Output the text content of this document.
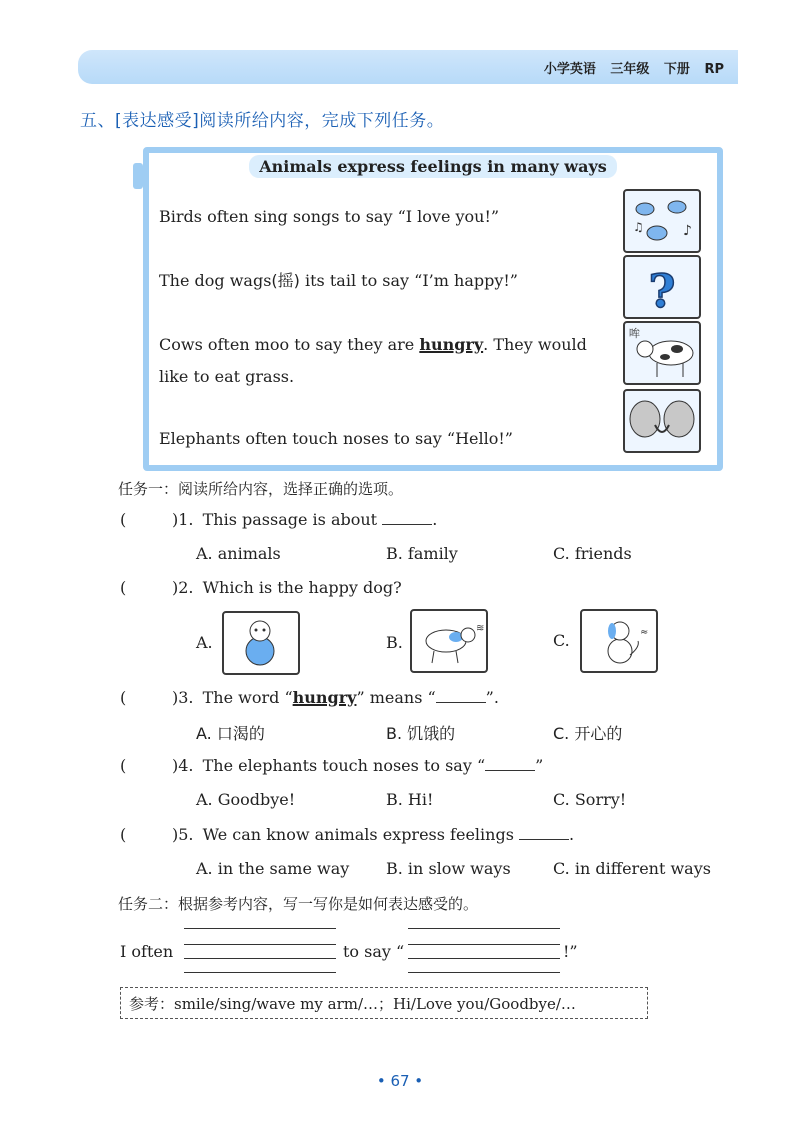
小学英语 三年级 下册 RP
五、[表达感受]阅读所给内容，完成下列任务。
Animals express feelings in many ways
Birds often sing songs to say “I love you!”
The dog wags(摇) its tail to say “I’m happy!”
Cows often moo to say they are hungry. They would like to eat grass.
Elephants often touch noses to say “Hello!”
♪
♫
?
哞
任务一：阅读所给内容，选择正确的选项。
(	)1. This passage is about	.
A. animals	B. family	C. friends
(	)2. Which is the happy dog?
A.	B.
≋
C.	≈
(	)3. The word “hungry” means “	”.
A. 口渴的	B. 饥饿的	C. 开心的
(	)4. The elephants touch noses to say “	”
A. Goodbye!	B. Hi!	C. Sorry!
(	)5. We can know animals express feelings	.
A. in the same way B. in slow ways	C. in different ways
任务二：根据参考内容，写一写你是如何表达感受的。
I often	to say “	!”
参考：smile/sing/wave my arm/…；Hi/Love you/Goodbye/…
• 67 •
